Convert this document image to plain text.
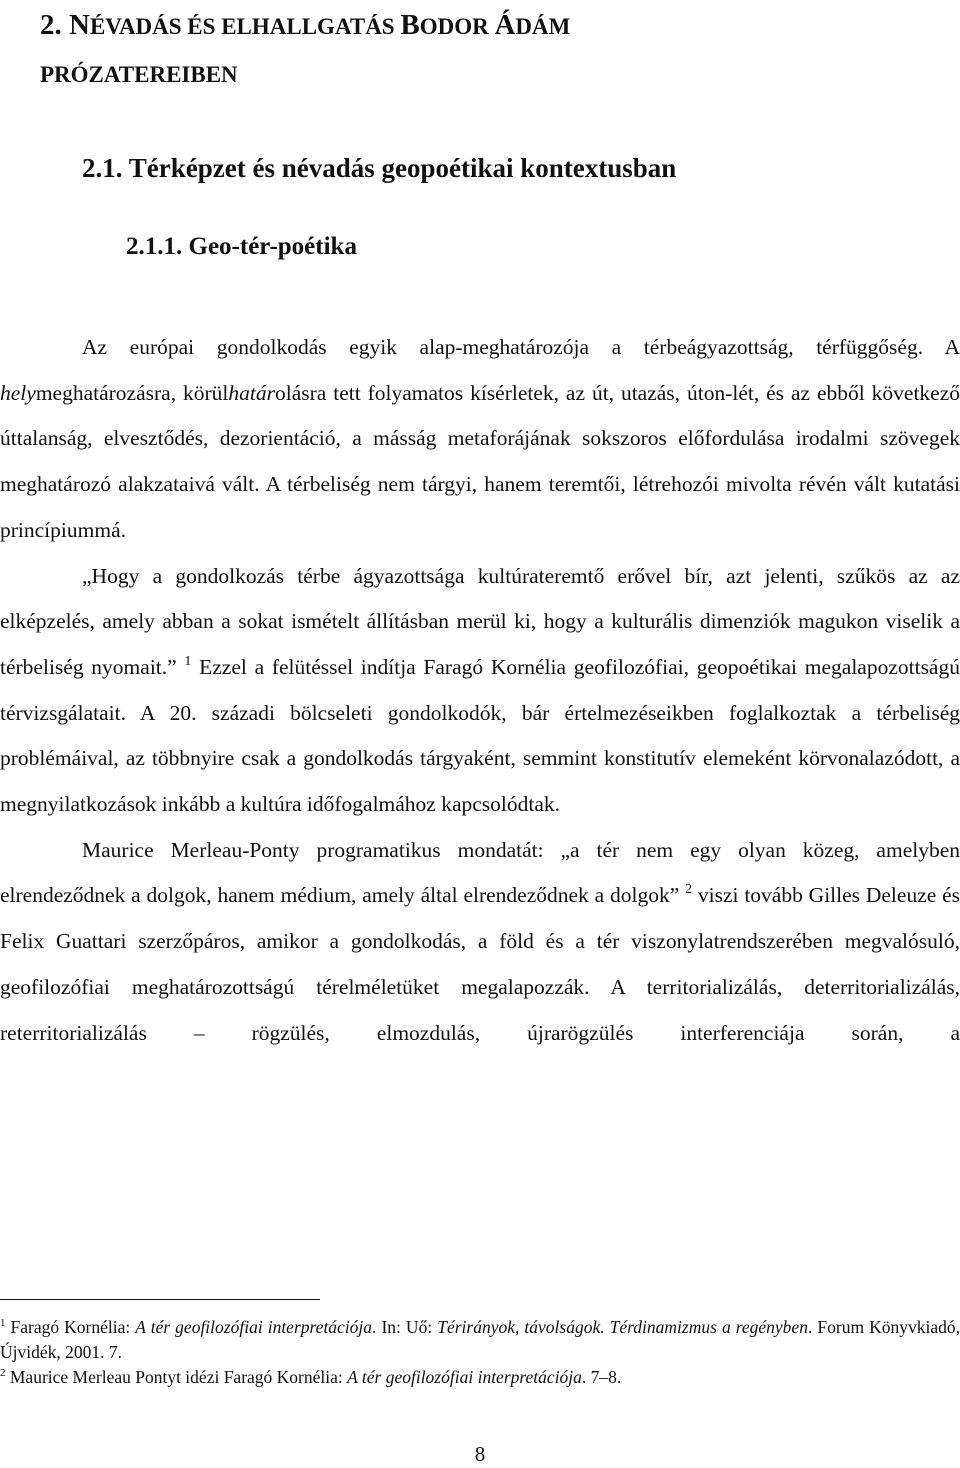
2. NÉVADÁS ÉS ELHALLGATÁS BODOR ÁDÁM
PRÓZATEREIBEN
2.1. Térképzet és névadás geopoétikai kontextusban
2.1.1. Geo-tér-poétika

Az európai gondolkodás egyik alap-meghatározója a térbeágyazottság, térfüggőség. A helymeghatározásra, körülhatárolásra tett folyamatos kísérletek, az út, utazás, úton-lét, és az ebből következő úttalanság, elvesztődés, dezorientáció, a másság metaforájának sokszoros előfordulása irodalmi szövegek meghatározó alakzataivá vált. A térbeliség nem tárgyi, hanem teremtői, létrehozói mivolta révén vált kutatási princípiummá.

„Hogy a gondolkozás térbe ágyazottsága kultúrateremtő erővel bír, azt jelenti, szűkös az az elképzelés, amely abban a sokat ismételt állításban merül ki, hogy a kulturális dimenziók magukon viselik a térbeliség nyomait.” $^1$ Ezzel a felütéssel indítja Faragó Kornélia geofilozófiai, geopoétikai megalapozottságú térvizsgálatait. A 20. századi bölcseleti gondolkodók, bár értelmezéseikben foglalkoztak a térbeliség problémáival, az többnyire csak a gondolkodás tárgyaként, semmint konstitutív elemeként körvonalazódott, a megnyilatkozások inkább a kultúra időfogalmához kapcsolódtak.

Maurice Merleau-Ponty programatikus mondatát: „a tér nem egy olyan közeg, amelyben elrendeződnek a dolgok, hanem médium, amely által elrendeződnek a dolgok” $^2$ viszi tovább Gilles Deleuze és Felix Guattari szerzőpáros, amikor a gondolkodás, a föld és a tér viszonylatrendszerében megvalósuló, geofilozófiai meghatározottságú térelméletüket megalapozzák. A territorializálás, deterritorializálás, reterritorializálás – rögzülés, elmozdulás, újrarögzülés interferenciája során, a

$^1$ Faragó Kornélia: A tér geofilozófiai interpretációja. In: Uő: Térirányok, távolságok. Térdinamizmus a regényben. Forum Könyvkiadó, Újvidék, 2001. 7.
$^2$ Maurice Merleau Pontyt idézi Faragó Kornélia: A tér geofilozófiai interpretációja. 7–8.
8
